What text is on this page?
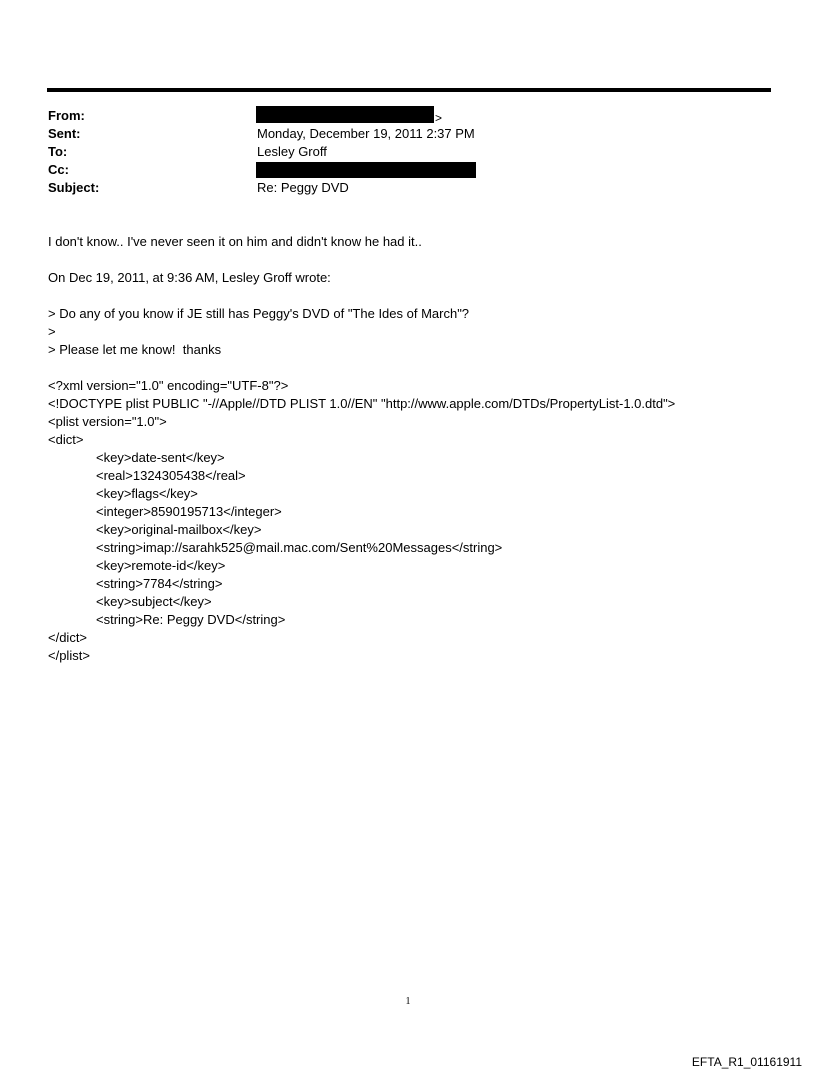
From:	>
Sent:	Monday, December 19, 2011 2:37 PM
To:	Lesley Groff
Cc:
Subject:	Re: Peggy DVD
I don't know.. I've never seen it on him and didn't know he had it..
On Dec 19, 2011, at 9:36 AM, Lesley Groff wrote:
> Do any of you know if JE still has Peggy's DVD of "The Ides of March"?
>
> Please let me know!  thanks
<?xml version="1.0" encoding="UTF-8"?>
<!DOCTYPE plist PUBLIC "-//Apple//DTD PLIST 1.0//EN" "http://www.apple.com/DTDs/PropertyList-1.0.dtd">
<plist version="1.0">
<dict>
<key>date-sent</key>
<real>1324305438</real>
<key>flags</key>
<integer>8590195713</integer>
<key>original-mailbox</key>
<string>imap://sarahk525@mail.mac.com/Sent%20Messages</string>
<key>remote-id</key>
<string>7784</string>
<key>subject</key>
<string>Re: Peggy DVD</string>
</dict>
</plist>
1
EFTA_R1_01161911
